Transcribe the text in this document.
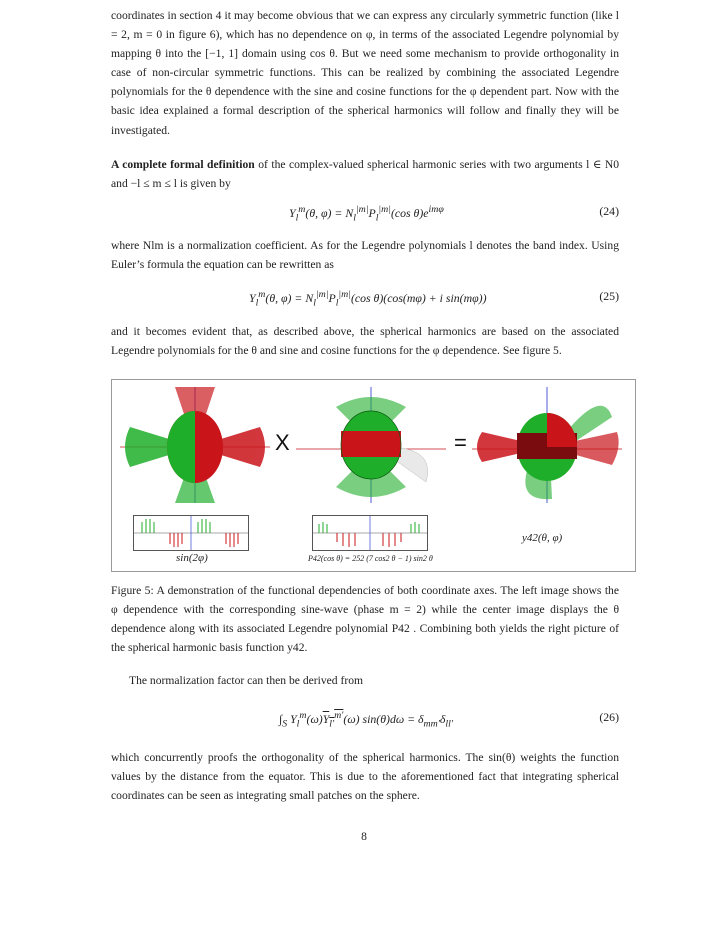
coordinates in section 4 it may become obvious that we can express any circularly symmetric function (like l = 2, m = 0 in figure 6), which has no dependence on φ, in terms of the associated Legendre polynomial by mapping θ into the [−1, 1] domain using cos θ. But we need some mechanism to provide orthogonality in case of non-circular symmetric functions. This can be realized by combining the associated Legendre polynomials for the θ dependence with the sine and cosine functions for the φ dependent part. Now with the basic idea explained a formal description of the spherical harmonics will follow and finally they will be investigated.
A complete formal definition of the complex-valued spherical harmonic series with two arguments l ∈ N0 and −l ≤ m ≤ l is given by
$Y_l^m(\theta$, $\varphi) = N_l^{|m|}P_l^{|m|}(\cos$ $\theta)e^{im\varphi}$	(24)
where Nlm is a normalization coefficient. As for the Legendre polynomials l denotes the band index. Using Euler’s formula the equation can be rewritten as
$Y_l^m(\theta$, $\varphi) = N_l^{|m|}P_l^{|m|}(\cos$ θ)(cos(mφ) + i sin(mφ))	(25)
and it becomes evident that, as described above, the spherical harmonics are based on the associated Legendre polynomials for the θ and sine and cosine functions for the φ dependence. See figure 5.
X	=
sin(2φ)	P42(cos θ) = 252 (7 cos2 θ − 1) sin2 θ
y42(θ, φ)
Figure 5: A demonstration of the functional dependencies of both coordinate axes. The left image shows the φ dependence with the corresponding sine-wave (phase m = 2) while the center image displays the θ dependence along with its associated Legendre polynomial P42 . Combining both yields the right picture of the spherical harmonic basis function y42.
The normalization factor can then be derived from
$\int_S$ $Y_l^m(\omega)Y_{l'}^{m'}(\omega) \sin(\theta)d\omega = \delta_{mm'}\delta_{ll'}$	(26)
which concurrently proofs the orthogonality of the spherical harmonics. The sin(θ) weights the function values by the distance from the equator. This is due to the aforementioned fact that integrating spherical coordinates can be seen as integrating small patches on the sphere.
8
